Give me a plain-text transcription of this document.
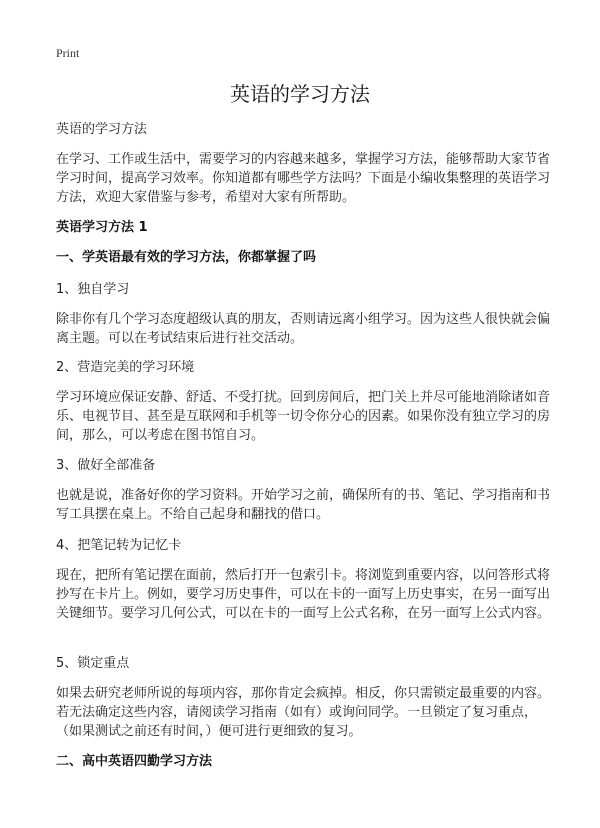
Print
英语的学习方法
英语的学习方法
在学习、工作或生活中，需要学习的内容越来越多，掌握学习方法，能够帮助大家节省学习时间，提高学习效率。你知道都有哪些学方法吗？下面是小编收集整理的英语学习方法，欢迎大家借鉴与参考，希望对大家有所帮助。
英语学习方法 1
一、学英语最有效的学习方法，你都掌握了吗
1、独自学习
除非你有几个学习态度超级认真的朋友，否则请远离小组学习。因为这些人很快就会偏离主题。可以在考试结束后进行社交活动。
2、营造完美的学习环境
学习环境应保证安静、舒适、不受打扰。回到房间后，把门关上并尽可能地消除诸如音乐、电视节目、甚至是互联网和手机等一切令你分心的因素。如果你没有独立学习的房间，那么，可以考虑在图书馆自习。
3、做好全部准备
也就是说，准备好你的学习资料。开始学习之前，确保所有的书、笔记、学习指南和书写工具摆在桌上。不给自己起身和翻找的借口。
4、把笔记转为记忆卡
现在，把所有笔记摆在面前，然后打开一包索引卡。将浏览到重要内容，以问答形式将抄写在卡片上。例如，要学习历史事件，可以在卡的一面写上历史事实，在另一面写出关键细节。要学习几何公式，可以在卡的一面写上公式名称，在另一面写上公式内容。
5、锁定重点
如果去研究老师所说的每项内容，那你肯定会疯掉。相反，你只需锁定最重要的内容。若无法确定这些内容，请阅读学习指南（如有）或询问同学。一旦锁定了复习重点，（如果测试之前还有时间，）便可进行更细致的复习。
二、高中英语四勤学习方法
